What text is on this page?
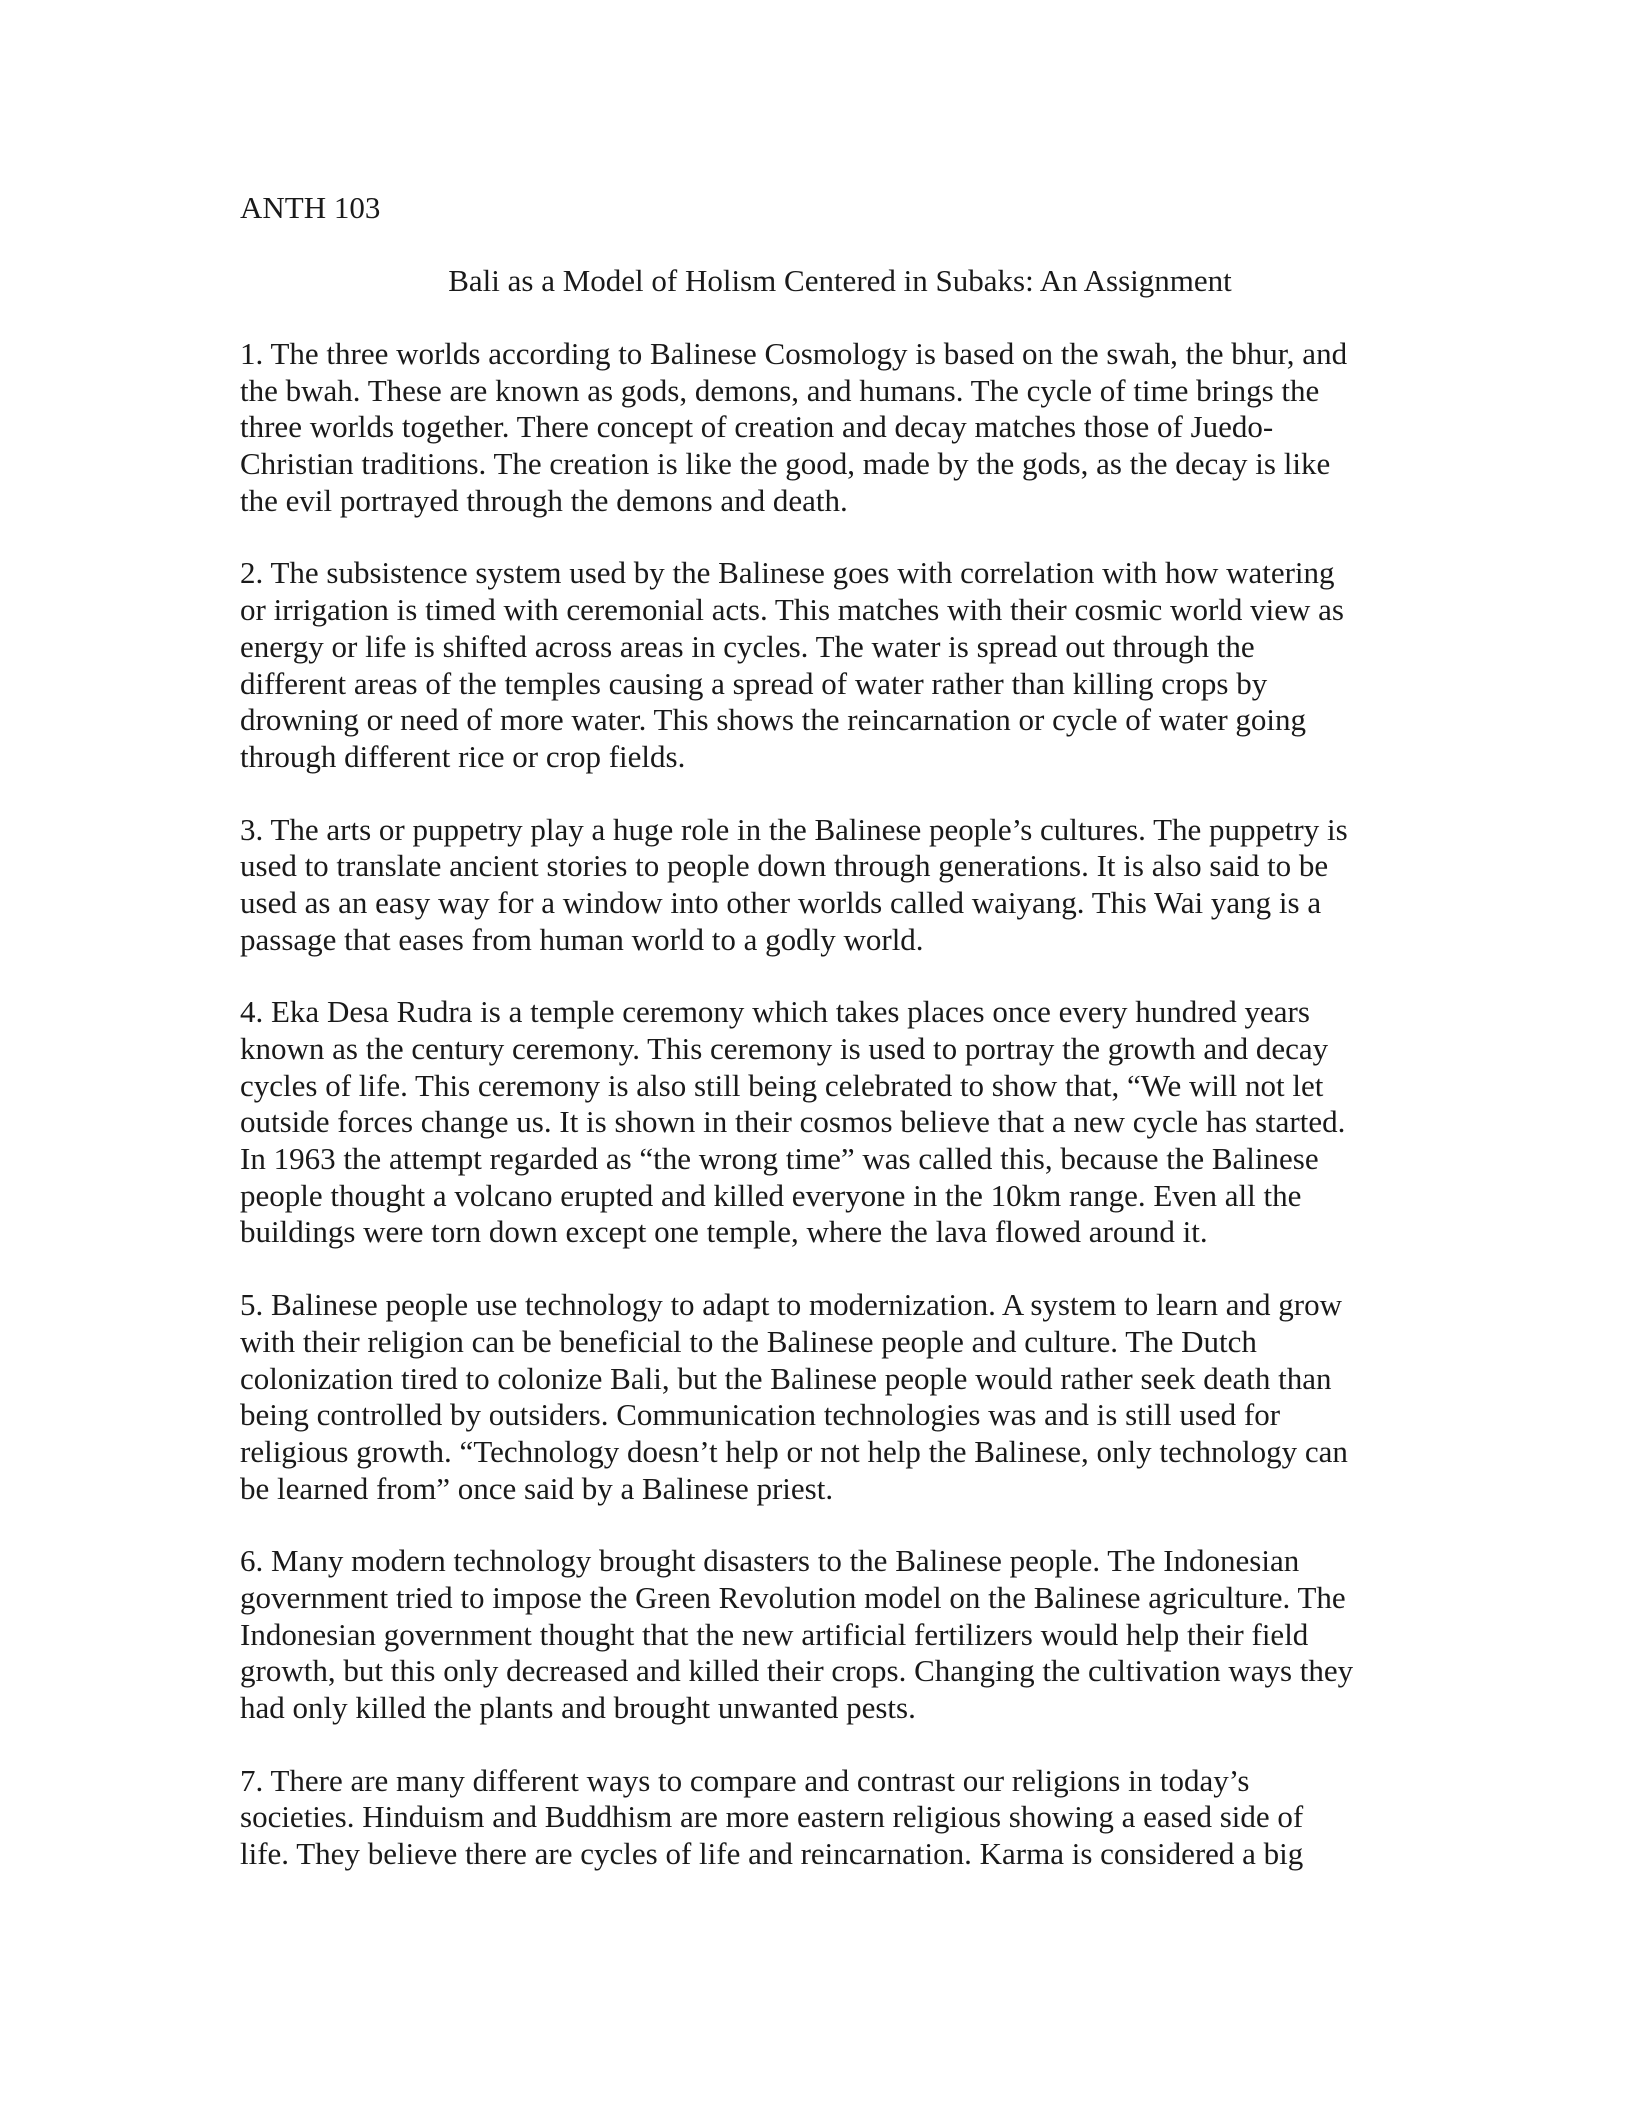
ANTH 103
Bali as a Model of Holism Centered in Subaks: An Assignment
1. The three worlds according to Balinese Cosmology is based on the swah, the bhur, and
the bwah. These are known as gods, demons, and humans. The cycle of time brings the
three worlds together. There concept of creation and decay matches those of Juedo-
Christian traditions. The creation is like the good, made by the gods, as the decay is like
the evil portrayed through the demons and death.
2. The subsistence system used by the Balinese goes with correlation with how watering
or irrigation is timed with ceremonial acts. This matches with their cosmic world view as
energy or life is shifted across areas in cycles. The water is spread out through the
different areas of the temples causing a spread of water rather than killing crops by
drowning or need of more water. This shows the reincarnation or cycle of water going
through different rice or crop fields.
3. The arts or puppetry play a huge role in the Balinese people’s cultures. The puppetry is
used to translate ancient stories to people down through generations. It is also said to be
used as an easy way for a window into other worlds called waiyang. This Wai yang is a
passage that eases from human world to a godly world.
4. Eka Desa Rudra is a temple ceremony which takes places once every hundred years
known as the century ceremony. This ceremony is used to portray the growth and decay
cycles of life. This ceremony is also still being celebrated to show that, “We will not let
outside forces change us. It is shown in their cosmos believe that a new cycle has started.
In 1963 the attempt regarded as “the wrong time” was called this, because the Balinese
people thought a volcano erupted and killed everyone in the 10km range. Even all the
buildings were torn down except one temple, where the lava flowed around it.
5. Balinese people use technology to adapt to modernization. A system to learn and grow
with their religion can be beneficial to the Balinese people and culture. The Dutch
colonization tired to colonize Bali, but the Balinese people would rather seek death than
being controlled by outsiders. Communication technologies was and is still used for
religious growth. “Technology doesn’t help or not help the Balinese, only technology can
be learned from” once said by a Balinese priest.
6. Many modern technology brought disasters to the Balinese people. The Indonesian
government tried to impose the Green Revolution model on the Balinese agriculture. The
Indonesian government thought that the new artificial fertilizers would help their field
growth, but this only decreased and killed their crops. Changing the cultivation ways they
had only killed the plants and brought unwanted pests.
7. There are many different ways to compare and contrast our religions in today’s
societies. Hinduism and Buddhism are more eastern religious showing a eased side of
life. They believe there are cycles of life and reincarnation. Karma is considered a big
